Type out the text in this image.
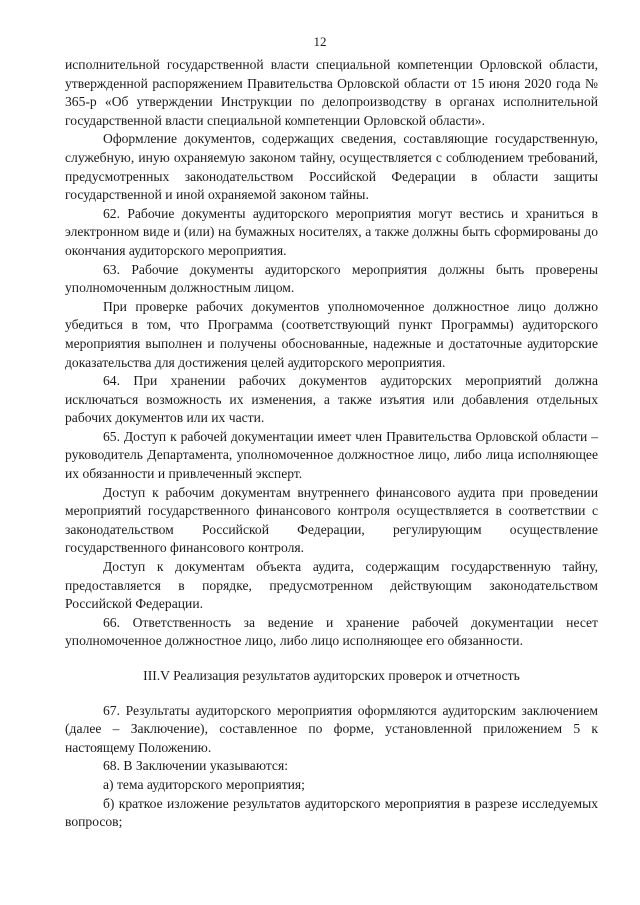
12

исполнительной государственной власти специальной компетенции Орловской области, утвержденной распоряжением Правительства Орловской области от 15 июня 2020 года № 365-р «Об утверждении Инструкции по делопроизводству в органах исполнительной государственной власти специальной компетенции Орловской области».

Оформление документов, содержащих сведения, составляющие государственную, служебную, иную охраняемую законом тайну, осуществляется с соблюдением требований, предусмотренных законодательством Российской Федерации в области защиты государственной и иной охраняемой законом тайны.

62. Рабочие документы аудиторского мероприятия могут вестись и храниться в электронном виде и (или) на бумажных носителях, а также должны быть сформированы до окончания аудиторского мероприятия.

63. Рабочие документы аудиторского мероприятия должны быть проверены уполномоченным должностным лицом.

При проверке рабочих документов уполномоченное должностное лицо должно убедиться в том, что Программа (соответствующий пункт Программы) аудиторского мероприятия выполнен и получены обоснованные, надежные и достаточные аудиторские доказательства для достижения целей аудиторского мероприятия.

64. При хранении рабочих документов аудиторских мероприятий должна исключаться возможность их изменения, а также изъятия или добавления отдельных рабочих документов или их части.

65. Доступ к рабочей документации имеет член Правительства Орловской области – руководитель Департамента, уполномоченное должностное лицо, либо лица исполняющее их обязанности и привлеченный эксперт.

Доступ к рабочим документам внутреннего финансового аудита при проведении мероприятий государственного финансового контроля осуществляется в соответствии с законодательством Российской Федерации, регулирующим осуществление государственного финансового контроля.

Доступ к документам объекта аудита, содержащим государственную тайну, предоставляется в порядке, предусмотренном действующим законодательством Российской Федерации.

66. Ответственность за ведение и хранение рабочей документации несет уполномоченное должностное лицо, либо лицо исполняющее его обязанности.

III.V Реализация результатов аудиторских проверок и отчетность

67. Результаты аудиторского мероприятия оформляются аудиторским заключением (далее – Заключение), составленное по форме, установленной приложением 5 к настоящему Положению.

68. В Заключении указываются:

а) тема аудиторского мероприятия;

б) краткое изложение результатов аудиторского мероприятия в разрезе исследуемых вопросов;
